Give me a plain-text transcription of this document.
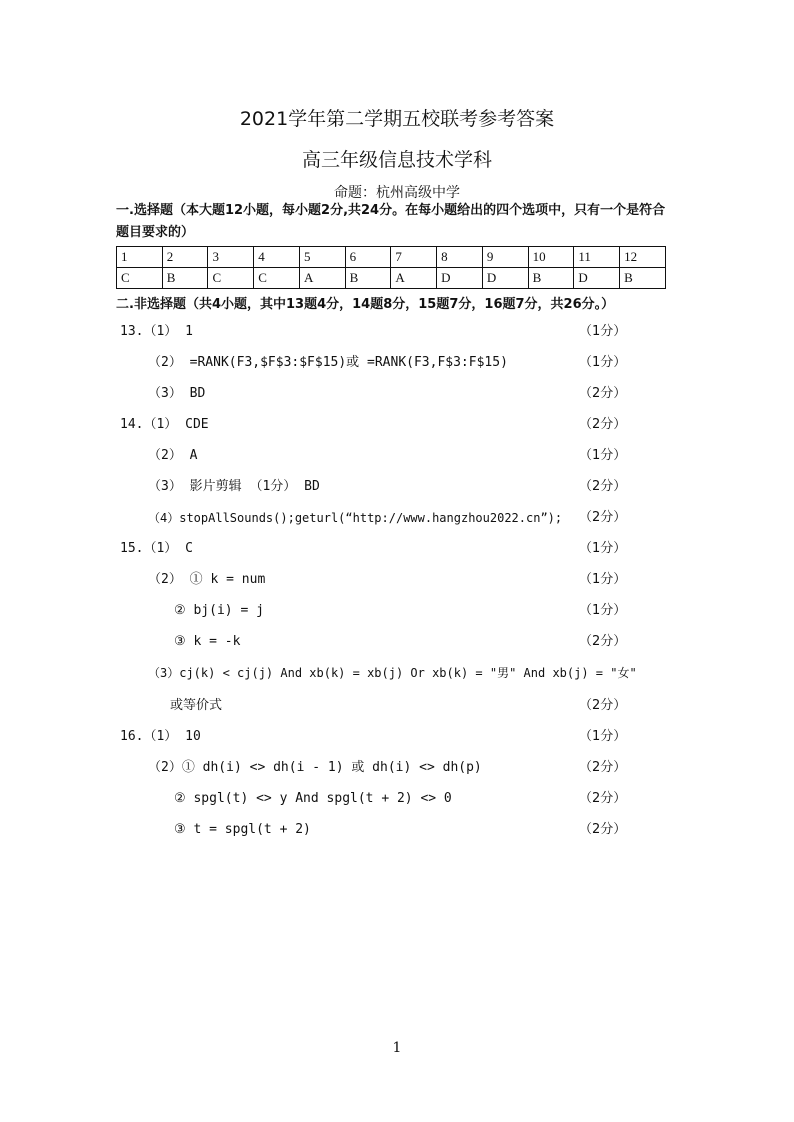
2021学年第二学期五校联考参考答案
高三年级信息技术学科
命题：杭州高级中学
一.选择题（本大题12小题，每小题2分,共24分。在每小题给出的四个选项中，只有一个是符合题目要求的）
1	2	3	4	5	6	7	8	9	10	11	12
C	B	C	C	A	B	A	D	D	B	D	B
二.非选择题（共4小题，其中13题4分，14题8分，15题7分，16题7分，共26分。）
13.（1） 1	（1分）
（2） =RANK(F3,$F$3:$F$15)或 =RANK(F3,F$3:F$15)	（1分）
（3） BD	（2分）
14.（1） CDE	（2分）
（2） A	（1分）
（3） 影片剪辑 （1分） BD	（2分）
（4）stopAllSounds();geturl(“http://www.hangzhou2022.cn”); （2分）
15.（1） C	（1分）
（2） ① k = num	（1分）
② bj(i) = j	（1分）
③ k = -k	（2分）
（3）cj(k) < cj(j) And xb(k) = xb(j) Or xb(k) = "男" And xb(j) = "女"
或等价式	（2分）
16.（1） 10	（1分）
（2）① dh(i) <> dh(i - 1) 或 dh(i) <> dh(p)	（2分）
② spgl(t) <> y And spgl(t + 2) <> 0	（2分）
③ t = spgl(t + 2)	（2分）
1
